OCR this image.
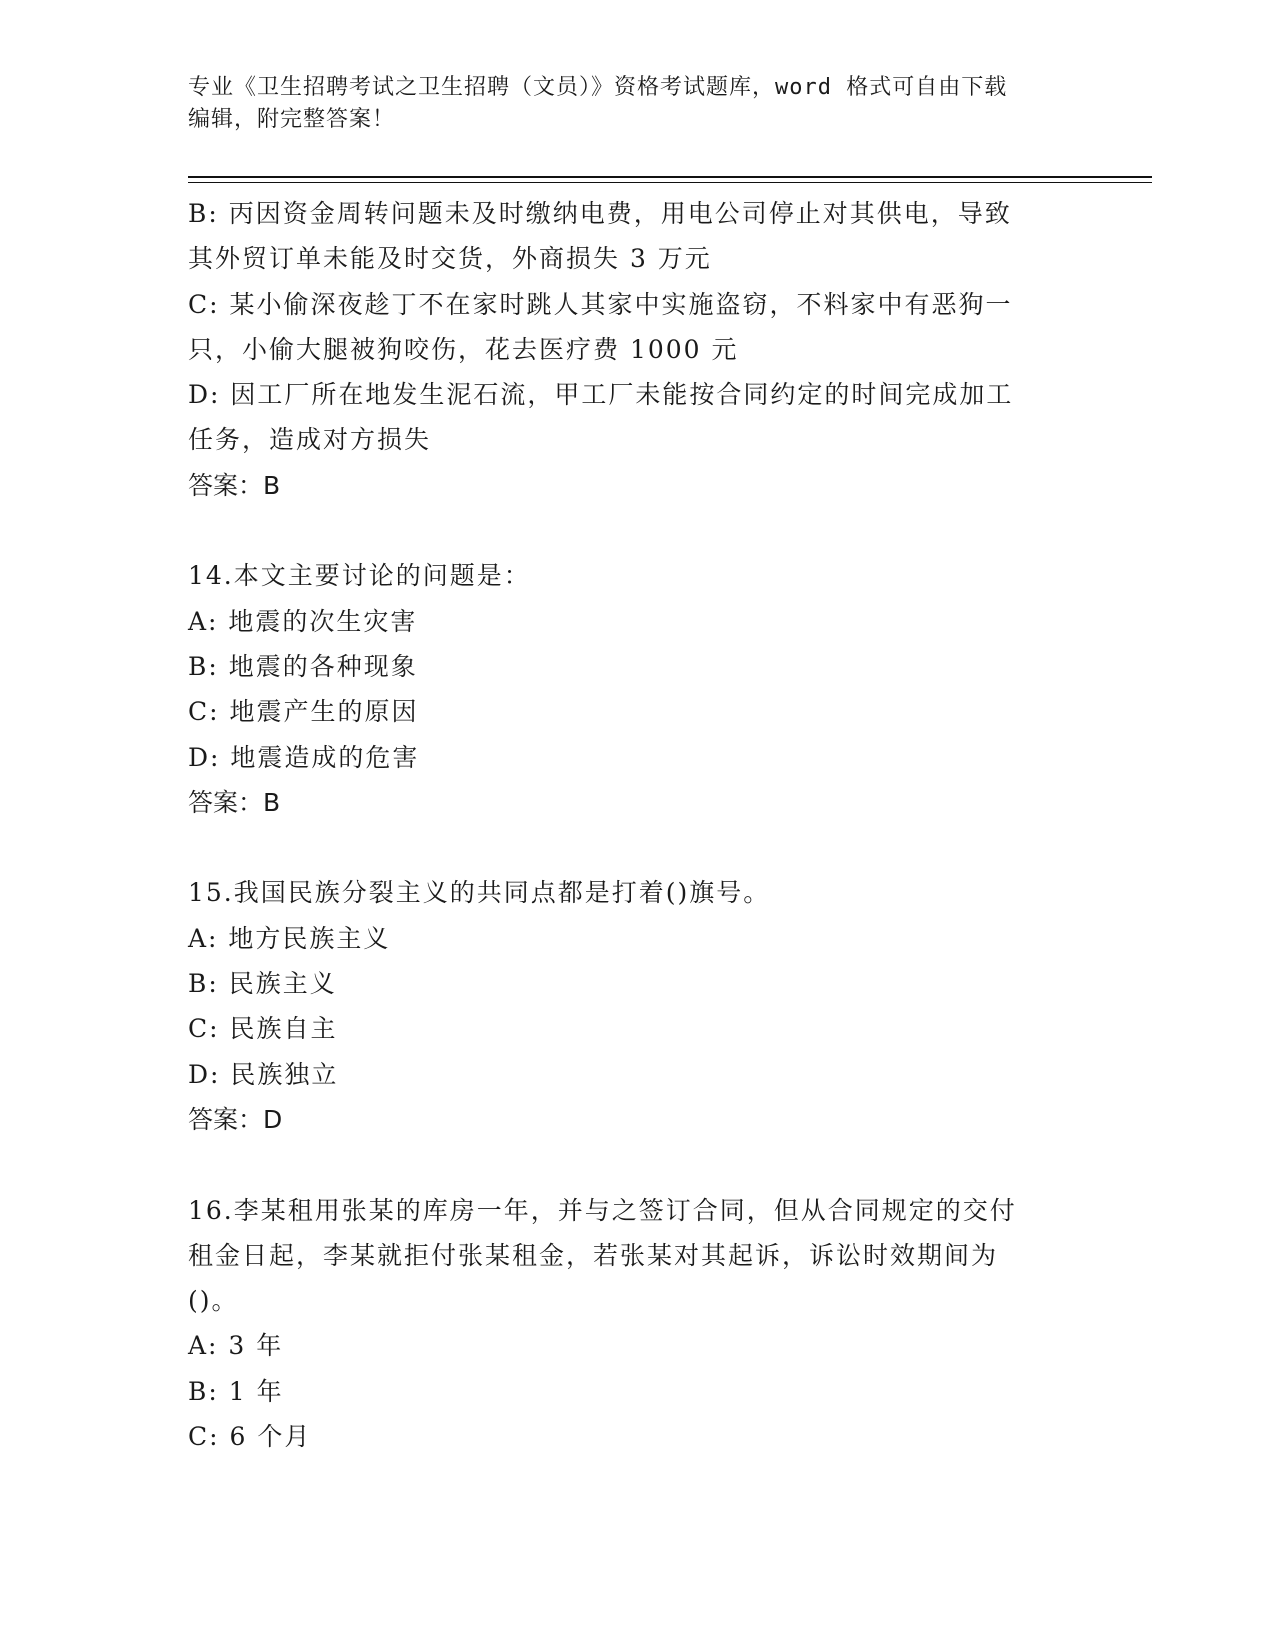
专业《卫生招聘考试之卫生招聘（文员）》资格考试题库，word 格式可自由下载
编辑，附完整答案！
B: 丙因资金周转问题未及时缴纳电费，用电公司停止对其供电，导致
其外贸订单未能及时交货，外商损失 3 万元
C: 某小偷深夜趁丁不在家时跳人其家中实施盗窃，不料家中有恶狗一
只，小偷大腿被狗咬伤，花去医疗费 1000 元
D: 因工厂所在地发生泥石流，甲工厂未能按合同约定的时间完成加工
任务，造成对方损失
答案：B
14.本文主要讨论的问题是：
A: 地震的次生灾害
B: 地震的各种现象
C: 地震产生的原因
D: 地震造成的危害
答案：B
15.我国民族分裂主义的共同点都是打着()旗号。
A: 地方民族主义
B: 民族主义
C: 民族自主
D: 民族独立
答案：D
16.李某租用张某的库房一年，并与之签订合同，但从合同规定的交付
租金日起，李某就拒付张某租金，若张某对其起诉，诉讼时效期间为
()。
A: 3 年
B: 1 年
C: 6 个月
